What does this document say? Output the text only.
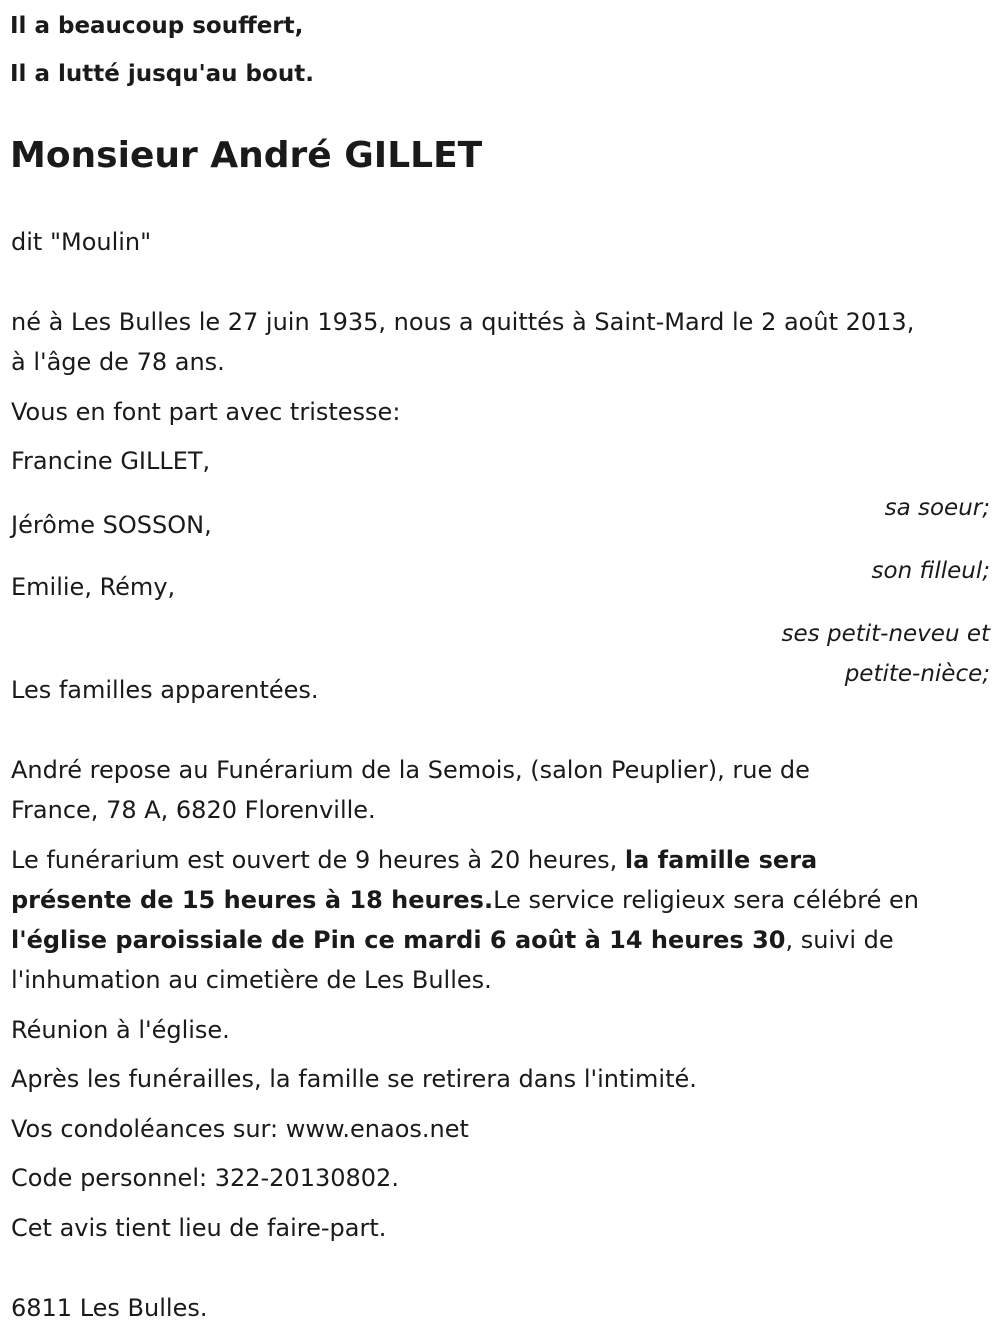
Il a beaucoup souffert,

Il a lutté jusqu'au bout.

Monsieur André GILLET

dit "Moulin"

né à Les Bulles le 27 juin 1935, nous a quittés à Saint-Mard le 2 août 2013,

à l'âge de 78 ans.

Vous en font part avec tristesse:

Francine GILLET,

sa soeur;

Jérôme SOSSON,

son filleul;

Emilie, Rémy,

ses petit-neveu et

petite-nièce;

Les familles apparentées.

André repose au Funérarium de la Semois, (salon Peuplier), rue de

France, 78 A, 6820 Florenville.

Le funérarium est ouvert de 9 heures à 20 heures, la famille sera

présente de 15 heures à 18 heures.Le service religieux sera célébré en

l'église paroissiale de Pin ce mardi 6 août à 14 heures 30, suivi de

l'inhumation au cimetière de Les Bulles.

Réunion à l'église.

Après les funérailles, la famille se retirera dans l'intimité.

Vos condoléances sur: www.enaos.net

Code personnel: 322-20130802.

Cet avis tient lieu de faire-part.

6811 Les Bulles.
